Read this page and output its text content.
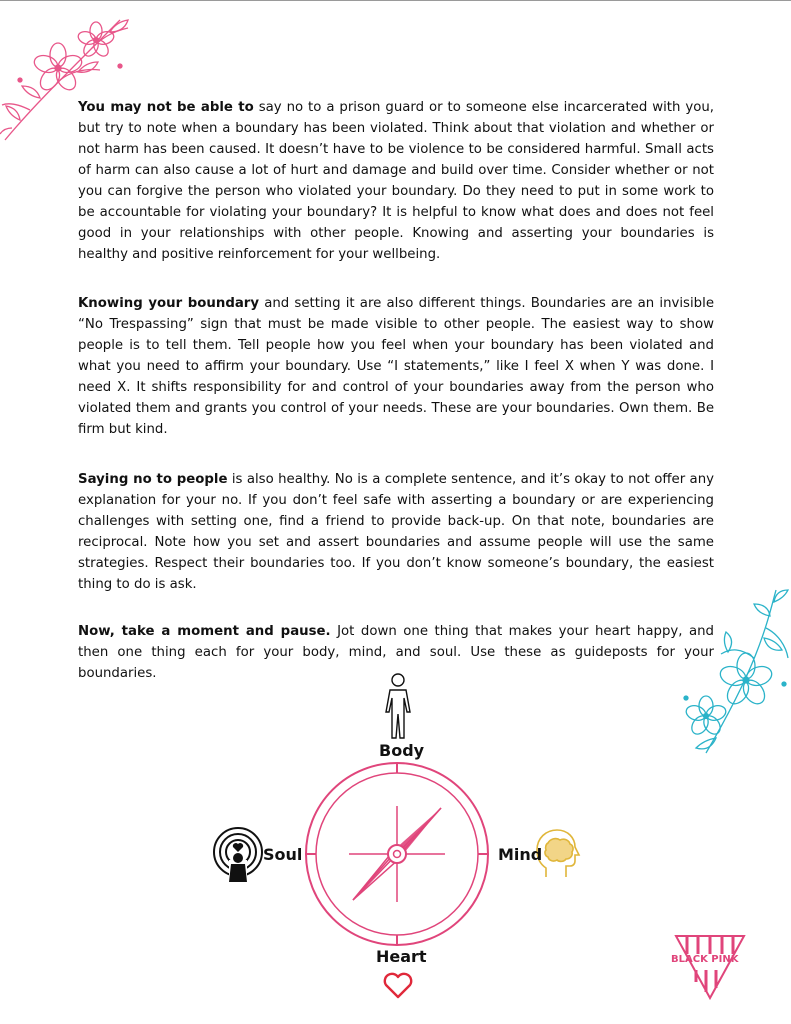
You may not be able to say no to a prison guard or to someone else incarcerated with you, but try to note when a boundary has been violated. Think about that violation and whether or not harm has been caused. It doesn’t have to be violence to be considered harmful. Small acts of harm can also cause a lot of hurt and damage and build over time. Consider whether or not you can forgive the person who violated your boundary. Do they need to put in some work to be accountable for violating your boundary? It is helpful to know what does and does not feel good in your relationships with other people. Knowing and asserting your boundaries is healthy and positive reinforcement for your wellbeing.

Knowing your boundary and setting it are also different things. Boundaries are an invisible “No Trespassing” sign that must be made visible to other people. The easiest way to show people is to tell them. Tell people how you feel when your boundary has been violated and what you need to affirm your boundary. Use “I statements,” like I feel X when Y was done. I need X. It shifts responsibility for and control of your boundaries away from the person who violated them and grants you control of your needs. These are your boundaries. Own them. Be firm but kind.

Saying no to people is also healthy. No is a complete sentence, and it’s okay to not offer any explanation for your no. If you don’t feel safe with asserting a boundary or are experiencing challenges with setting one, find a friend to provide back-up. On that note, boundaries are reciprocal. Note how you set and assert boundaries and assume people will use the same strategies. Respect their boundaries too. If you don’t know someone’s boundary, the easiest thing to do is ask.

Now, take a moment and pause. Jot down one thing that makes your heart happy, and then one thing each for your body, mind, and soul. Use these as guideposts for your boundaries.

Body

Mind

Soul

Heart	BLACK PINK
